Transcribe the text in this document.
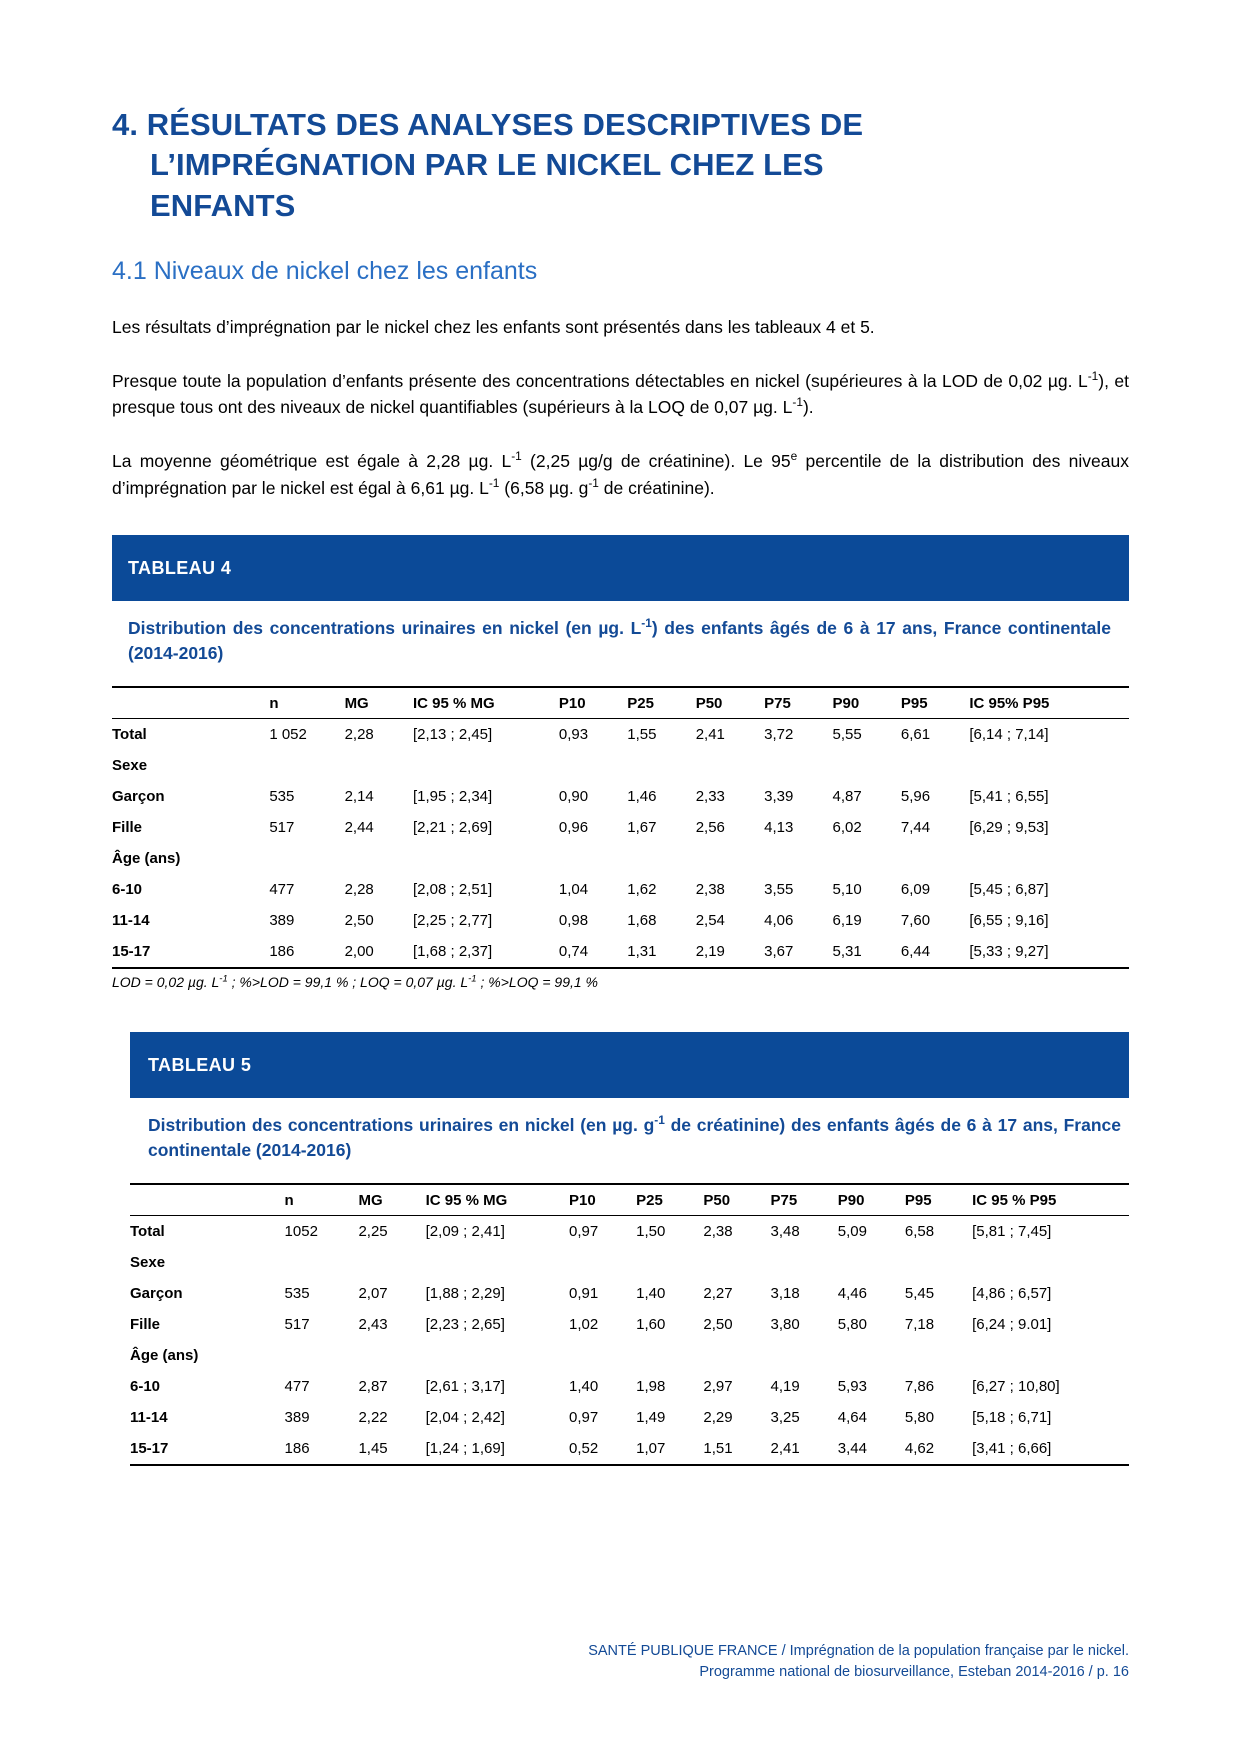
4. RÉSULTATS DES ANALYSES DESCRIPTIVES DE
L’IMPRÉGNATION PAR LE NICKEL CHEZ LES
ENFANTS
4.1 Niveaux de nickel chez les enfants

Les résultats d’imprégnation par le nickel chez les enfants sont présentés dans les tableaux 4 et 5.

Presque toute la population d’enfants présente des concentrations détectables en nickel (supérieures à la LOD de 0,02 µg. $L^{-1}$), et presque tous ont des niveaux de nickel quantifiables (supérieurs à la LOQ de 0,07 µg. $L^{-1}$).

La moyenne géométrique est égale à 2,28 µg. $L^{-1}$ (2,25 µg/g de créatinine). Le 95e percentile de la distribution des niveaux d’imprégnation par le nickel est égal à 6,61 µg. $L^{-1}$ (6,58 µg. $g^{-1}$ de créatinine).

TABLEAU 4
Distribution des concentrations urinaires en nickel (en µg. $L^{-1}$) des enfants âgés de 6 à 17 ans, France continentale (2014-2016)
	n	MG	IC 95 % MG	P10	P25	P50	P75	P90	P95	IC 95% P95
Total	1 052	2,28	[2,13 ; 2,45]	0,93	1,55	2,41	3,72	5,55	6,61	[6,14 ; 7,14]
Sexe										
Garçon	535	2,14	[1,95 ; 2,34]	0,90	1,46	2,33	3,39	4,87	5,96	[5,41 ; 6,55]
Fille	517	2,44	[2,21 ; 2,69]	0,96	1,67	2,56	4,13	6,02	7,44	[6,29 ; 9,53]
Âge (ans)										
6-10	477	2,28	[2,08 ; 2,51]	1,04	1,62	2,38	3,55	5,10	6,09	[5,45 ; 6,87]
11-14	389	2,50	[2,25 ; 2,77]	0,98	1,68	2,54	4,06	6,19	7,60	[6,55 ; 9,16]
15-17	186	2,00	[1,68 ; 2,37]	0,74	1,31	2,19	3,67	5,31	6,44	[5,33 ; 9,27]
LOD = 0,02 µg. $L^{-1}$ ; %>LOD = 99,1 % ; LOQ = 0,07 µg. $L^{-1}$ ; %>LOQ = 99,1 %
TABLEAU 5
Distribution des concentrations urinaires en nickel (en µg. $g^{-1}$ de créatinine) des enfants âgés de 6 à 17 ans, France continentale (2014-2016)
	n	MG	IC 95 % MG	P10	P25	P50	P75	P90	P95	IC 95 % P95
Total	1052	2,25	[2,09 ; 2,41]	0,97	1,50	2,38	3,48	5,09	6,58	[5,81 ; 7,45]
Sexe										
Garçon	535	2,07	[1,88 ; 2,29]	0,91	1,40	2,27	3,18	4,46	5,45	[4,86 ; 6,57]
Fille	517	2,43	[2,23 ; 2,65]	1,02	1,60	2,50	3,80	5,80	7,18	[6,24 ; 9.01]
Âge (ans)										
6-10	477	2,87	[2,61 ; 3,17]	1,40	1,98	2,97	4,19	5,93	7,86	[6,27 ; 10,80]
11-14	389	2,22	[2,04 ; 2,42]	0,97	1,49	2,29	3,25	4,64	5,80	[5,18 ; 6,71]
15-17	186	1,45	[1,24 ; 1,69]	0,52	1,07	1,51	2,41	3,44	4,62	[3,41 ; 6,66]
SANTÉ PUBLIQUE FRANCE / Imprégnation de la population française par le nickel.
Programme national de biosurveillance, Esteban 2014-2016 / p. 16
